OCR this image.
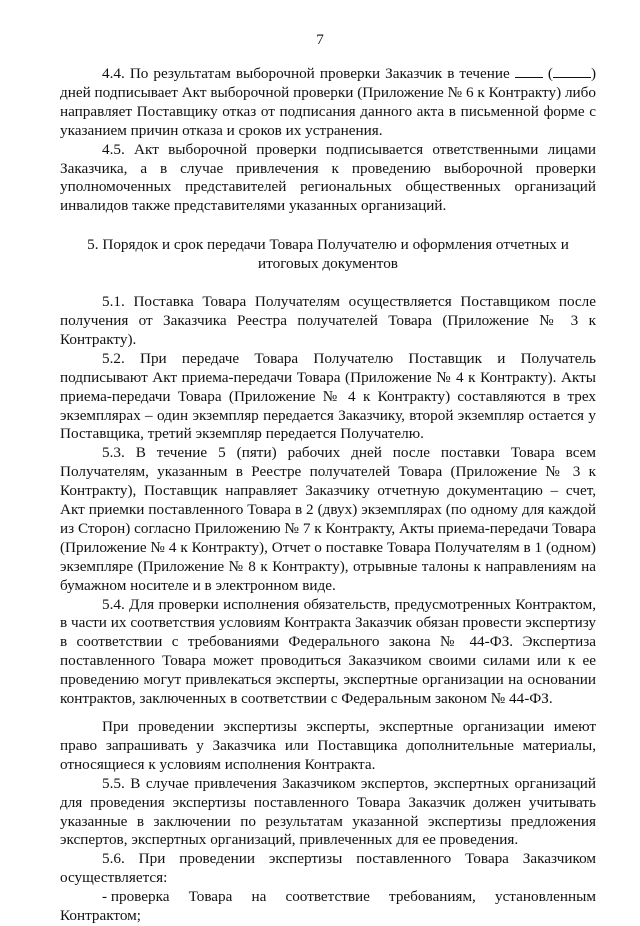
7

4.4. По результатам выборочной проверки Заказчик в течение	(	) дней подписывает Акт выборочной проверки (Приложение № 6 к Контракту) либо направляет Поставщику отказ от подписания данного акта в письменной форме с указанием причин отказа и сроков их устранения.

4.5. Акт выборочной проверки подписывается ответственными лицами Заказчика, а в случае привлечения к проведению выборочной проверки уполномоченных представителей региональных общественных организаций инвалидов также представителями указанных организаций.

5. Порядок и срок передачи Товара Получателю и оформления отчетных и итоговых документов

5.1. Поставка Товара Получателям осуществляется Поставщиком после получения от Заказчика Реестра получателей Товара (Приложение № 3 к Контракту).

5.2. При передаче Товара Получателю Поставщик и Получатель подписывают Акт приема-передачи Товара (Приложение № 4 к Контракту). Акты приема-передачи Товара (Приложение № 4 к Контракту) составляются в трех экземплярах – один экземпляр передается Заказчику, второй экземпляр остается у Поставщика, третий экземпляр передается Получателю.

5.3. В течение 5 (пяти) рабочих дней после поставки Товара всем Получателям, указанным в Реестре получателей Товара (Приложение № 3 к Контракту), Поставщик направляет Заказчику отчетную документацию – счет, Акт приемки поставленного Товара в 2 (двух) экземплярах (по одному для каждой из Сторон) согласно Приложению № 7 к Контракту, Акты приема-передачи Товара (Приложение № 4 к Контракту), Отчет о поставке Товара Получателям в 1 (одном) экземпляре (Приложение № 8 к Контракту), отрывные талоны к направлениям на бумажном носителе и в электронном виде.

5.4. Для проверки исполнения обязательств, предусмотренных Контрактом, в части их соответствия условиям Контракта Заказчик обязан провести экспертизу в соответствии с требованиями Федерального закона № 44-ФЗ. Экспертиза поставленного Товара может проводиться Заказчиком своими силами или к ее проведению могут привлекаться эксперты, экспертные организации на основании контрактов, заключенных в соответствии с Федеральным законом № 44-ФЗ.

При проведении экспертизы эксперты, экспертные организации имеют право запрашивать у Заказчика или Поставщика дополнительные материалы, относящиеся к условиям исполнения Контракта.

5.5. В случае привлечения Заказчиком экспертов, экспертных организаций для проведения экспертизы поставленного Товара Заказчик должен учитывать указанные в заключении по результатам указанной экспертизы предложения экспертов, экспертных организаций, привлеченных для ее проведения.

5.6. При проведении экспертизы поставленного Товара Заказчиком осуществляется:

- проверка Товара на соответствие требованиям, установленным
Контрактом;
